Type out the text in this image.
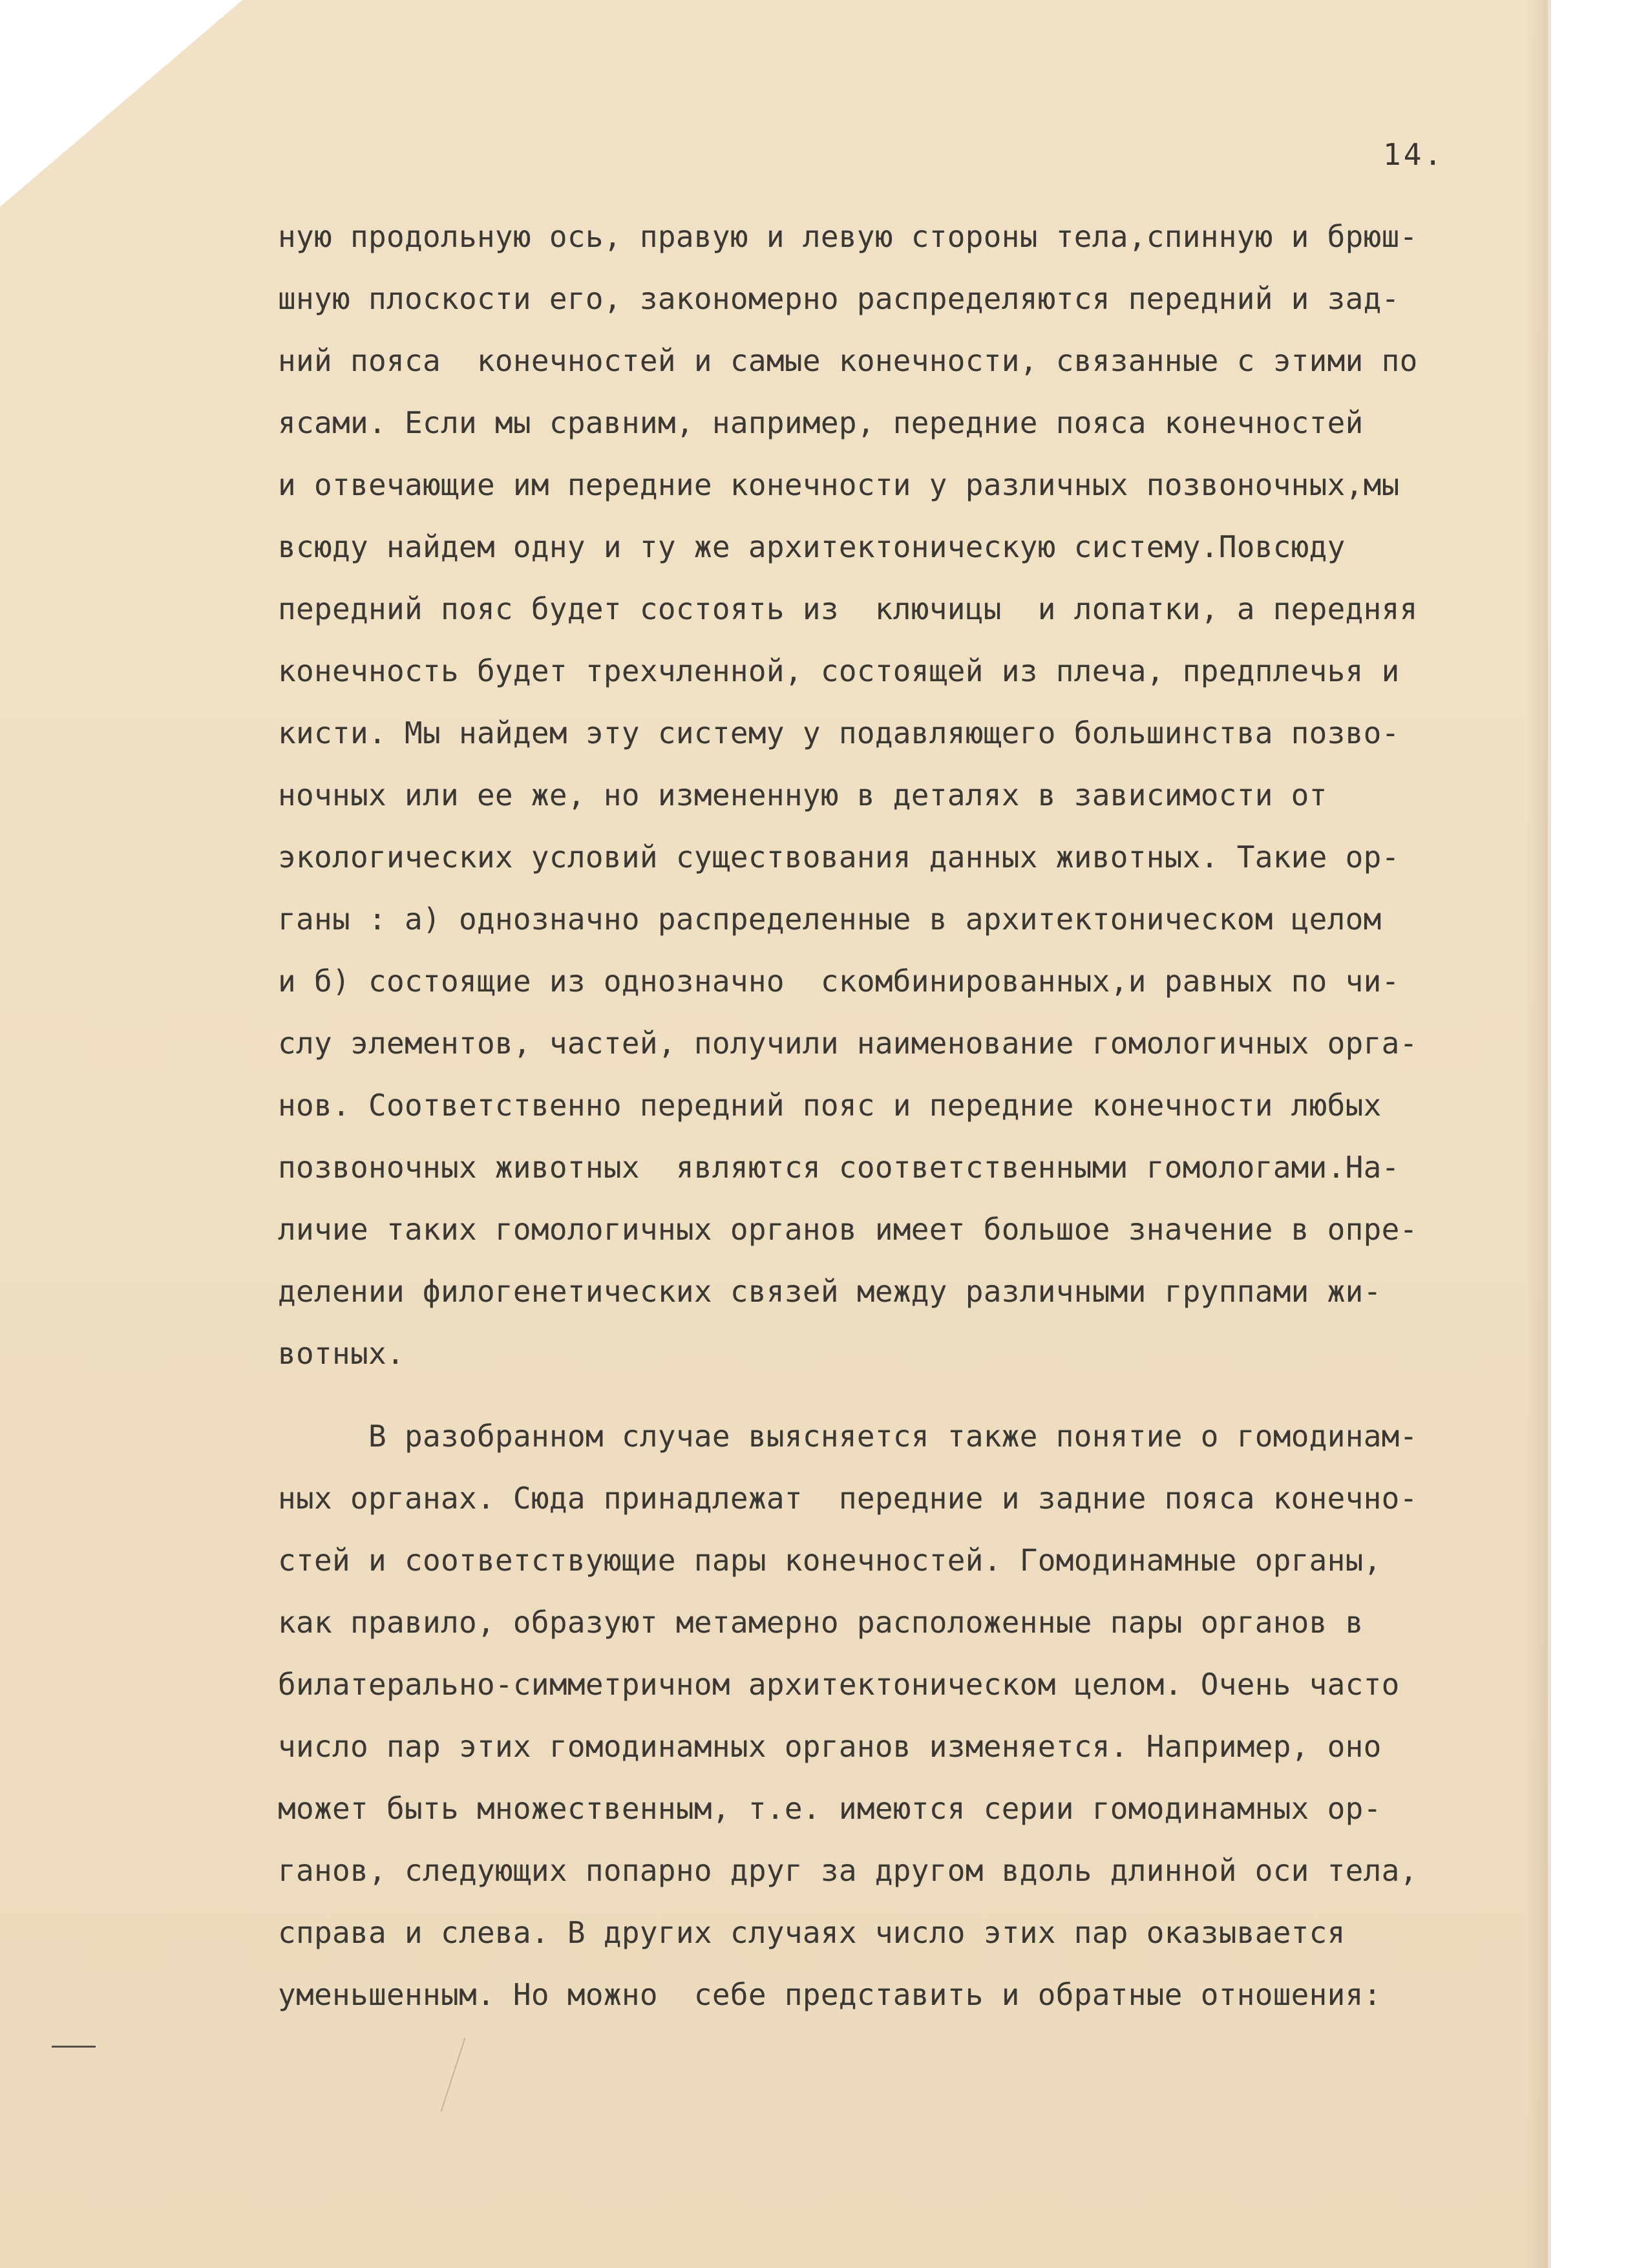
14.
ную продольную ось, правую и левую стороны тела,спинную и брюш-
шную плоскости его, закономерно распределяются передний и зад-
ний пояса  конечностей и самые конечности, связанные с этими по
ясами. Если мы сравним, например, передние пояса конечностей
и отвечающие им передние конечности у различных позвоночных,мы
всюду найдем одну и ту же архитектоническую систему.Повсюду
передний пояс будет состоять из  ключицы  и лопатки, а передняя
конечность будет трехчленной, состоящей из плеча, предплечья и
кисти. Мы найдем эту систему у подавляющего большинства позво-
ночных или ее же, но измененную в деталях в зависимости от
экологических условий существования данных животных. Такие ор-
ганы : а) однозначно распределенные в архитектоническом целом
и б) состоящие из однозначно  скомбинированных,и равных по чи-
слу элементов, частей, получили наименование гомологичных орга-
нов. Соответственно передний пояс и передние конечности любых
позвоночных животных  являются соответственными гомологами.На-
личие таких гомологичных органов имеет большое значение в опре-
делении филогенетических связей между различными группами жи-
вотных.
В разобранном случае выясняется также понятие о гомодинам-
ных органах. Сюда принадлежат  передние и задние пояса конечно-
стей и соответствующие пары конечностей. Гомодинамные органы,
как правило, образуют метамерно расположенные пары органов в
билатерально-симметричном архитектоническом целом. Очень часто
число пар этих гомодинамных органов изменяется. Например, оно
может быть множественным, т.е. имеются серии гомодинамных ор-
ганов, следующих попарно друг за другом вдоль длинной оси тела,
справа и слева. В других случаях число этих пар оказывается
уменьшенным. Но можно  себе представить и обратные отношения:
